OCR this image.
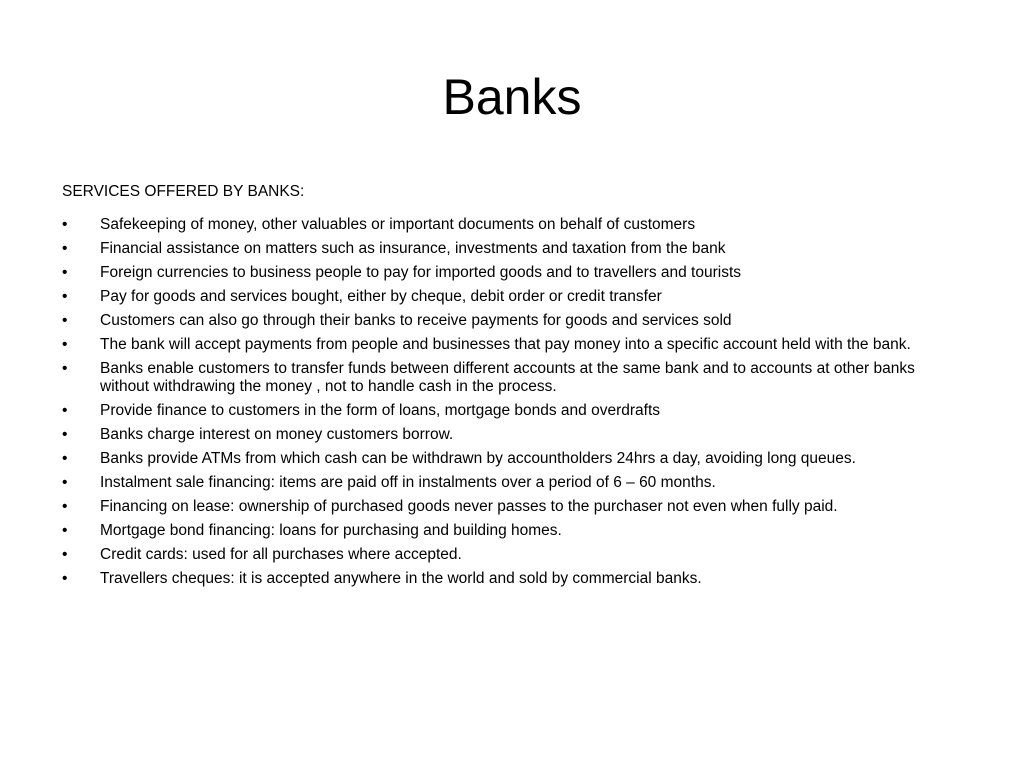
Banks

SERVICES OFFERED BY BANKS:

•	Safekeeping of money, other valuables or important documents on behalf of customers
•	Financial assistance on matters such as insurance, investments and taxation from the bank
•	Foreign currencies to business people to pay for imported goods and to travellers and tourists
•	Pay for goods and services bought, either by cheque, debit order or credit transfer
•	Customers can also go through their banks to receive payments for goods and services sold
•	The bank will accept payments from people and businesses that pay money into a specific account held with the bank.
•	Banks enable customers to transfer funds between different accounts at the same bank and to accounts at other banks without withdrawing the money , not to handle cash in the process.
•	Provide finance to customers in the form of loans, mortgage bonds and overdrafts
•	Banks charge interest on money customers borrow.
•	Banks provide ATMs from which cash can be withdrawn by accountholders 24hrs a day, avoiding long queues.
•	Instalment sale financing: items are paid off in instalments over a period of 6 – 60 months.
•	Financing on lease: ownership of purchased goods never passes to the purchaser not even when fully paid.
•	Mortgage bond financing: loans for purchasing and building homes.
•	Credit cards: used for all purchases where accepted.
•	Travellers cheques: it is accepted anywhere in the world and sold by commercial banks.
